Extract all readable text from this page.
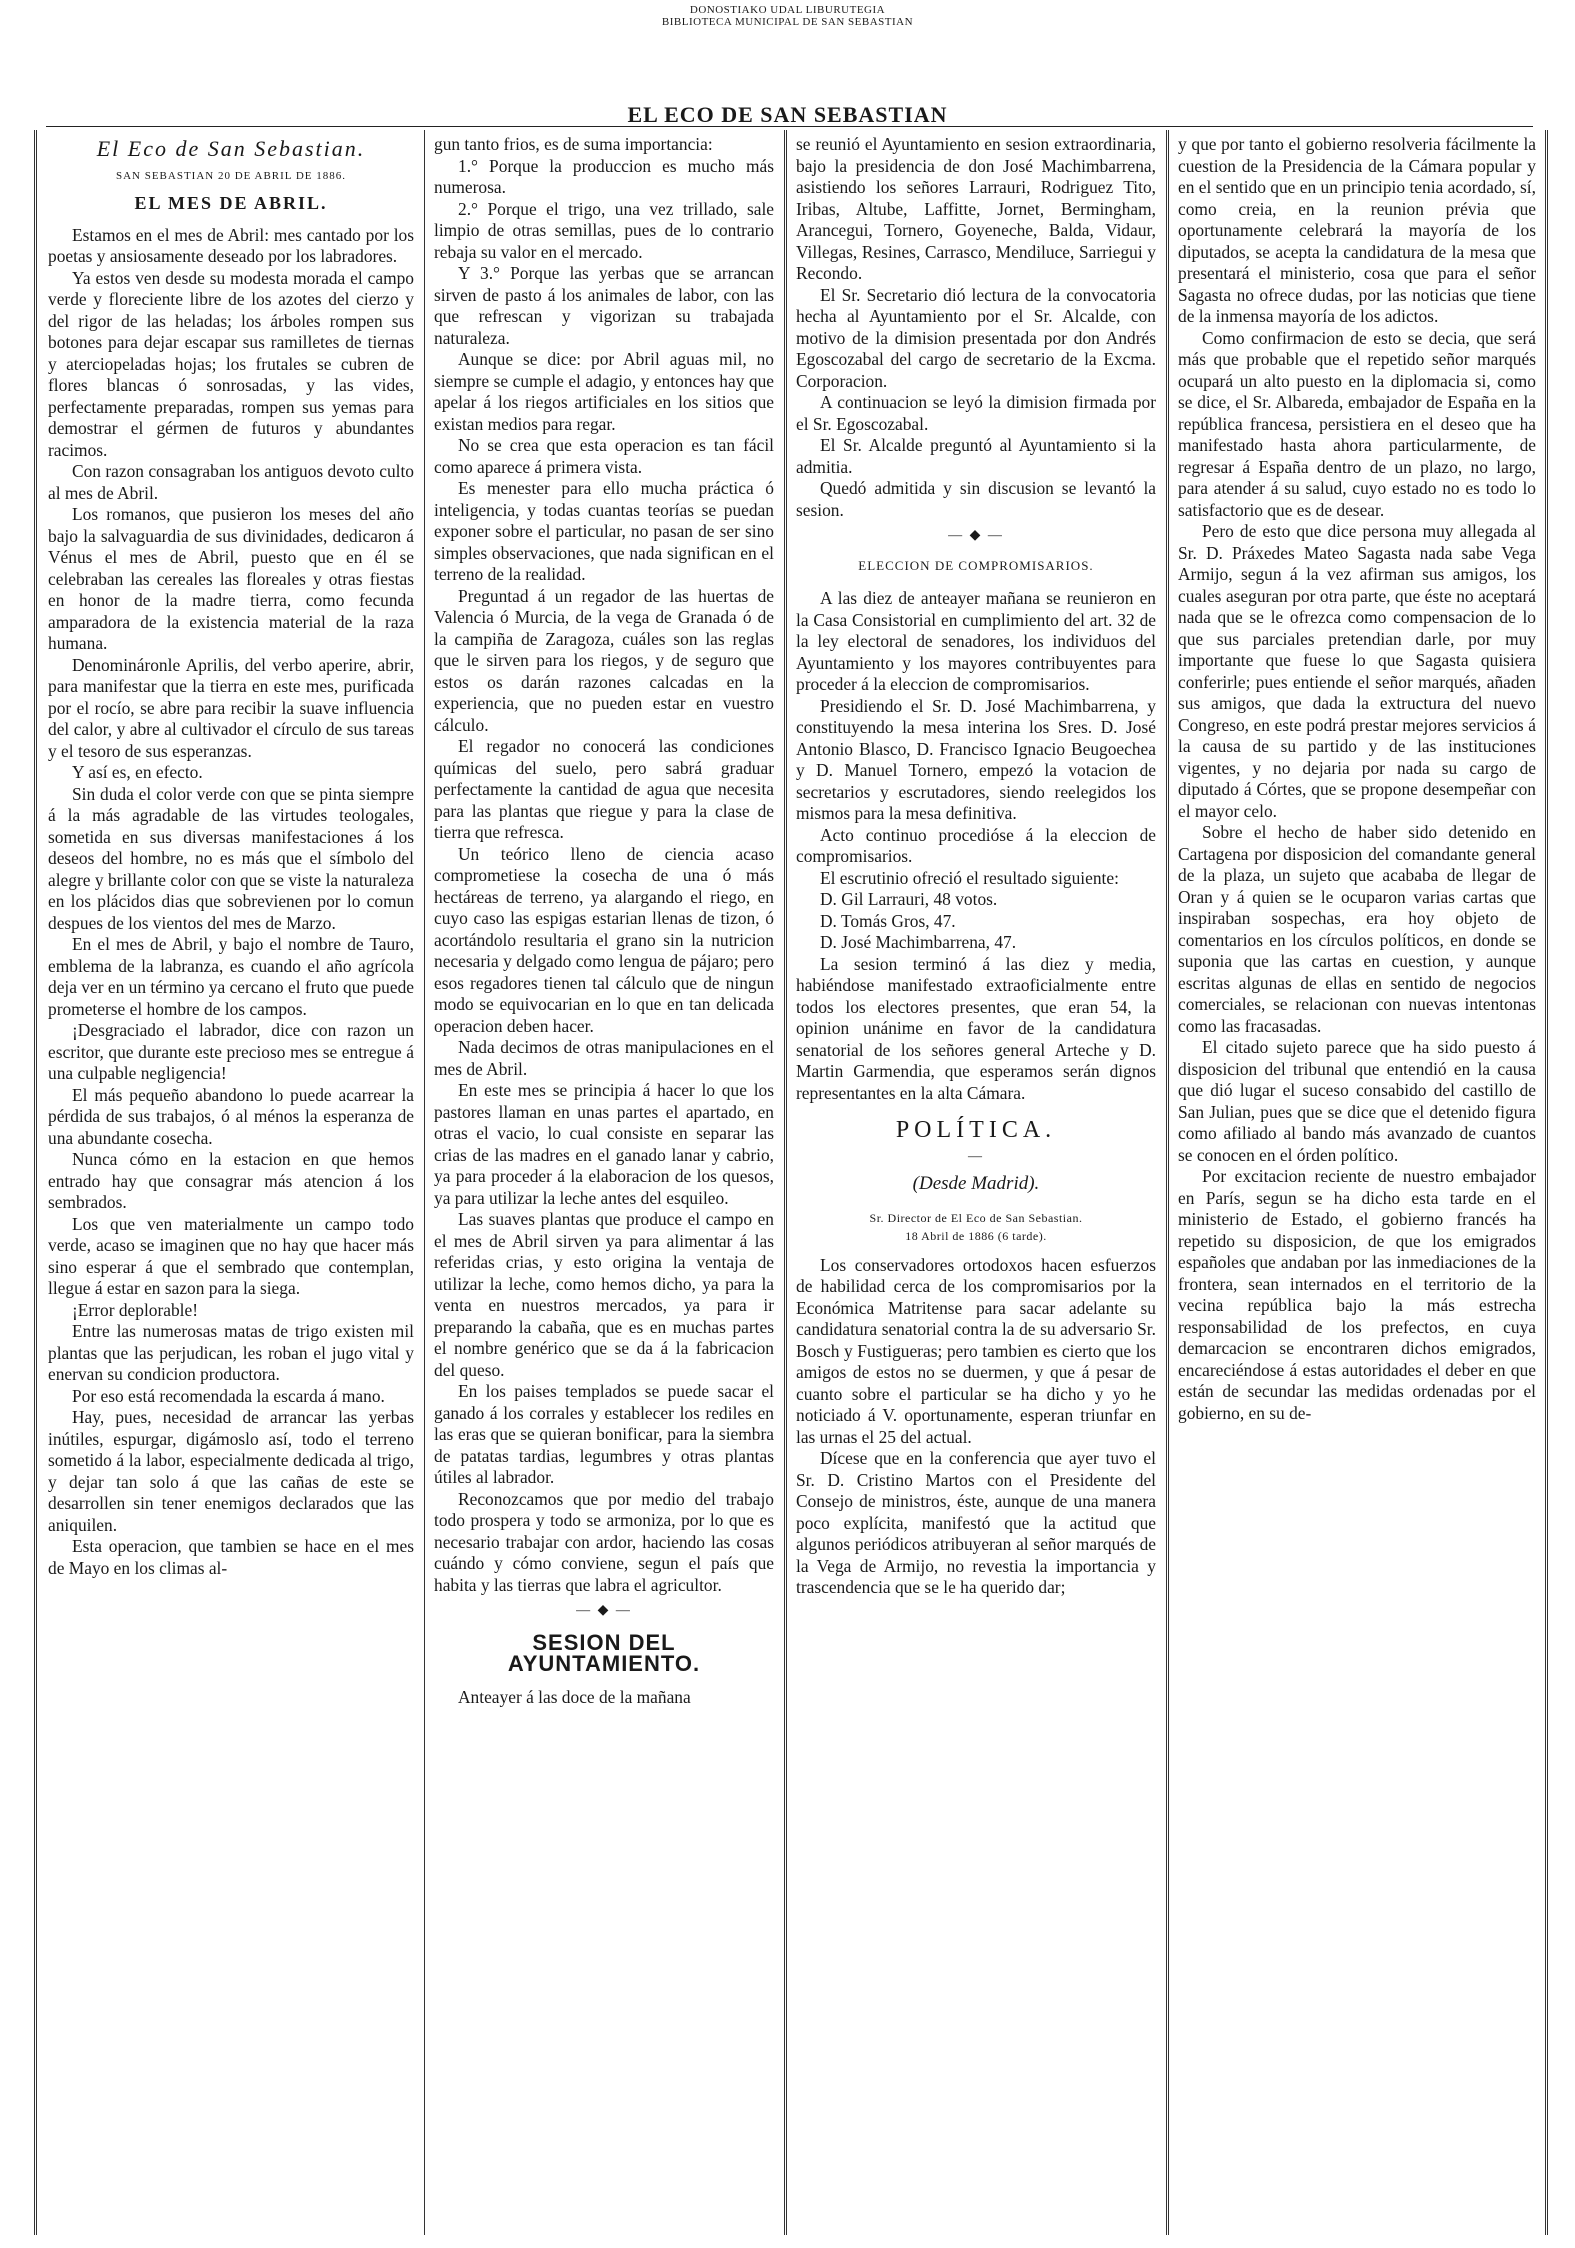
DONOSTIAKO UDAL LIBURUTEGIA
BIBLIOTECA MUNICIPAL DE SAN SEBASTIAN
EL ECO DE SAN SEBASTIAN
El Eco de San Sebastian.
SAN SEBASTIAN 20 DE ABRIL DE 1886.
EL MES DE ABRIL.

Estamos en el mes de Abril: mes cantado por los poetas y ansiosamente deseado por los labradores.

Ya estos ven desde su modesta morada el campo verde y floreciente libre de los azotes del cierzo y del rigor de las heladas; los árboles rompen sus botones para dejar escapar sus ramilletes de tiernas y aterciopeladas hojas; los frutales se cubren de flores blancas ó sonrosadas, y las vides, perfectamente preparadas, rompen sus yemas para demostrar el gérmen de futuros y abundantes racimos.

Con razon consagraban los antiguos devoto culto al mes de Abril.

Los romanos, que pusieron los meses del año bajo la salvaguardia de sus divinidades, dedicaron á Vénus el mes de Abril, puesto que en él se celebraban las cereales las floreales y otras fiestas en honor de la madre tierra, como fecunda amparadora de la existencia material de la raza humana.

Denomináronle Aprilis, del verbo aperire, abrir, para manifestar que la tierra en este mes, purificada por el rocío, se abre para recibir la suave influencia del calor, y abre al cultivador el círculo de sus tareas y el tesoro de sus esperanzas.

Y así es, en efecto.

Sin duda el color verde con que se pinta siempre á la más agradable de las virtudes teologales, sometida en sus diversas manifestaciones á los deseos del hombre, no es más que el símbolo del alegre y brillante color con que se viste la naturaleza en los plácidos dias que sobrevienen por lo comun despues de los vientos del mes de Marzo.

En el mes de Abril, y bajo el nombre de Tauro, emblema de la labranza, es cuando el año agrícola deja ver en un término ya cercano el fruto que puede prometerse el hombre de los campos.

¡Desgraciado el labrador, dice con razon un escritor, que durante este precioso mes se entregue á una culpable negligencia!

El más pequeño abandono lo puede acarrear la pérdida de sus trabajos, ó al ménos la esperanza de una abundante cosecha.

Nunca cómo en la estacion en que hemos entrado hay que consagrar más atencion á los sembrados.

Los que ven materialmente un campo todo verde, acaso se imaginen que no hay que hacer más sino esperar á que el sembrado que contemplan, llegue á estar en sazon para la siega.

¡Error deplorable!

Entre las numerosas matas de trigo existen mil plantas que las perjudican, les roban el jugo vital y enervan su condicion productora.

Por eso está recomendada la escarda á mano.

Hay, pues, necesidad de arrancar las yerbas inútiles, espurgar, digámoslo así, todo el terreno sometido á la labor, especialmente dedicada al trigo, y dejar tan solo á que las cañas de este se desarrollen sin tener enemigos declarados que las aniquilen.

Esta operacion, que tambien se hace en el mes de Mayo en los climas al-

gun tanto frios, es de suma importancia:

1.° Porque la produccion es mucho más numerosa.

2.° Porque el trigo, una vez trillado, sale limpio de otras semillas, pues de lo contrario rebaja su valor en el mercado.

Y 3.° Porque las yerbas que se arrancan sirven de pasto á los animales de labor, con las que refrescan y vigorizan su trabajada naturaleza.

Aunque se dice: por Abril aguas mil, no siempre se cumple el adagio, y entonces hay que apelar á los riegos artificiales en los sitios que existan medios para regar.

No se crea que esta operacion es tan fácil como aparece á primera vista.

Es menester para ello mucha práctica ó inteligencia, y todas cuantas teorías se puedan exponer sobre el particular, no pasan de ser sino simples observaciones, que nada significan en el terreno de la realidad.

Preguntad á un regador de las huertas de Valencia ó Murcia, de la vega de Granada ó de la campiña de Zaragoza, cuáles son las reglas que le sirven para los riegos, y de seguro que estos os darán razones calcadas en la experiencia, que no pueden estar en vuestro cálculo.

El regador no conocerá las condiciones químicas del suelo, pero sabrá graduar perfectamente la cantidad de agua que necesita para las plantas que riegue y para la clase de tierra que refresca.

Un teórico lleno de ciencia acaso comprometiese la cosecha de una ó más hectáreas de terreno, ya alargando el riego, en cuyo caso las espigas estarian llenas de tizon, ó acortándolo resultaria el grano sin la nutricion necesaria y delgado como lengua de pájaro; pero esos regadores tienen tal cálculo que de ningun modo se equivocarian en lo que en tan delicada operacion deben hacer.

Nada decimos de otras manipulaciones en el mes de Abril.

En este mes se principia á hacer lo que los pastores llaman en unas partes el apartado, en otras el vacio, lo cual consiste en separar las crias de las madres en el ganado lanar y cabrio, ya para proceder á la elaboracion de los quesos, ya para utilizar la leche antes del esquileo.

Las suaves plantas que produce el campo en el mes de Abril sirven ya para alimentar á las referidas crias, y esto origina la ventaja de utilizar la leche, como hemos dicho, ya para la venta en nuestros mercados, ya para ir preparando la cabaña, que es en muchas partes el nombre genérico que se da á la fabricacion del queso.

En los paises templados se puede sacar el ganado á los corrales y establecer los rediles en las eras que se quieran bonificar, para la siembra de patatas tardias, legumbres y otras plantas útiles al labrador.

Reconozcamos que por medio del trabajo todo prospera y todo se armoniza, por lo que es necesario trabajar con ardor, haciendo las cosas cuándo y cómo conviene, segun el país que habita y las tierras que labra el agricultor.

— ◆ —
SESION DEL AYUNTAMIENTO.

Anteayer á las doce de la mañana

se reunió el Ayuntamiento en sesion extraordinaria, bajo la presidencia de don José Machimbarrena, asistiendo los señores Larrauri, Rodriguez Tito, Iribas, Altube, Laffitte, Jornet, Bermingham, Arancegui, Tornero, Goyeneche, Balda, Vidaur, Villegas, Resines, Carrasco, Mendiluce, Sarriegui y Recondo.

El Sr. Secretario dió lectura de la convocatoria hecha al Ayuntamiento por el Sr. Alcalde, con motivo de la dimision presentada por don Andrés Egoscozabal del cargo de secretario de la Excma. Corporacion.

A continuacion se leyó la dimision firmada por el Sr. Egoscozabal.

El Sr. Alcalde preguntó al Ayuntamiento si la admitia.

Quedó admitida y sin discusion se levantó la sesion.

— ◆ —
ELECCION DE COMPROMISARIOS.

A las diez de anteayer mañana se reunieron en la Casa Consistorial en cumplimiento del art. 32 de la ley electoral de senadores, los individuos del Ayuntamiento y los mayores contribuyentes para proceder á la eleccion de compromisarios.

Presidiendo el Sr. D. José Machimbarrena, y constituyendo la mesa interina los Sres. D. José Antonio Blasco, D. Francisco Ignacio Beugoechea y D. Manuel Tornero, empezó la votacion de secretarios y escrutadores, siendo reelegidos los mismos para la mesa definitiva.

Acto continuo procedióse á la eleccion de compromisarios.

El escrutinio ofreció el resultado siguiente:

D. Gil Larrauri, 48 votos.
D. Tomás Gros, 47.
D. José Machimbarrena, 47.

La sesion terminó á las diez y media, habiéndose manifestado extraoficialmente entre todos los electores presentes, que eran 54, la opinion unánime en favor de la candidatura senatorial de los señores general Arteche y D. Martin Garmendia, que esperamos serán dignos representantes en la alta Cámara.

POLÍTICA.
—
(Desde Madrid).
Sr. Director de El Eco de San Sebastian.
18 Abril de 1886 (6 tarde).

Los conservadores ortodoxos hacen esfuerzos de habilidad cerca de los compromisarios por la Económica Matritense para sacar adelante su candidatura senatorial contra la de su adversario Sr. Bosch y Fustigueras; pero tambien es cierto que los amigos de estos no se duermen, y que á pesar de cuanto sobre el particular se ha dicho y yo he noticiado á V. oportunamente, esperan triunfar en las urnas el 25 del actual.

Dícese que en la conferencia que ayer tuvo el Sr. D. Cristino Martos con el Presidente del Consejo de ministros, éste, aunque de una manera poco explícita, manifestó que la actitud que algunos periódicos atribuyeran al señor marqués de la Vega de Armijo, no revestia la importancia y trascendencia que se le ha querido dar;

y que por tanto el gobierno resolveria fácilmente la cuestion de la Presidencia de la Cámara popular y en el sentido que en un principio tenia acordado, sí, como creia, en la reunion prévia que oportunamente celebrará la mayoría de los diputados, se acepta la candidatura de la mesa que presentará el ministerio, cosa que para el señor Sagasta no ofrece dudas, por las noticias que tiene de la inmensa mayoría de los adictos.

Como confirmacion de esto se decia, que será más que probable que el repetido señor marqués ocupará un alto puesto en la diplomacia si, como se dice, el Sr. Albareda, embajador de España en la república francesa, persistiera en el deseo que ha manifestado hasta ahora particularmente, de regresar á España dentro de un plazo, no largo, para atender á su salud, cuyo estado no es todo lo satisfactorio que es de desear.

Pero de esto que dice persona muy allegada al Sr. D. Práxedes Mateo Sagasta nada sabe Vega Armijo, segun á la vez afirman sus amigos, los cuales aseguran por otra parte, que éste no aceptará nada que se le ofrezca como compensacion de lo que sus parciales pretendian darle, por muy importante que fuese lo que Sagasta quisiera conferirle; pues entiende el señor marqués, añaden sus amigos, que dada la extructura del nuevo Congreso, en este podrá prestar mejores servicios á la causa de su partido y de las instituciones vigentes, y no dejaria por nada su cargo de diputado á Córtes, que se propone desempeñar con el mayor celo.

Sobre el hecho de haber sido detenido en Cartagena por disposicion del comandante general de la plaza, un sujeto que acababa de llegar de Oran y á quien se le ocuparon varias cartas que inspiraban sospechas, era hoy objeto de comentarios en los círculos políticos, en donde se suponia que las cartas en cuestion, y aunque escritas algunas de ellas en sentido de negocios comerciales, se relacionan con nuevas intentonas como las fracasadas.

El citado sujeto parece que ha sido puesto á disposicion del tribunal que entendió en la causa que dió lugar el suceso consabido del castillo de San Julian, pues que se dice que el detenido figura como afiliado al bando más avanzado de cuantos se conocen en el órden político.

Por excitacion reciente de nuestro embajador en París, segun se ha dicho esta tarde en el ministerio de Estado, el gobierno francés ha repetido su disposicion, de que los emigrados españoles que andaban por las inmediaciones de la frontera, sean internados en el territorio de la vecina república bajo la más estrecha responsabilidad de los prefectos, en cuya demarcacion se encontraren dichos emigrados, encareciéndose á estas autoridades el deber en que están de secundar las medidas ordenadas por el gobierno, en su de-
